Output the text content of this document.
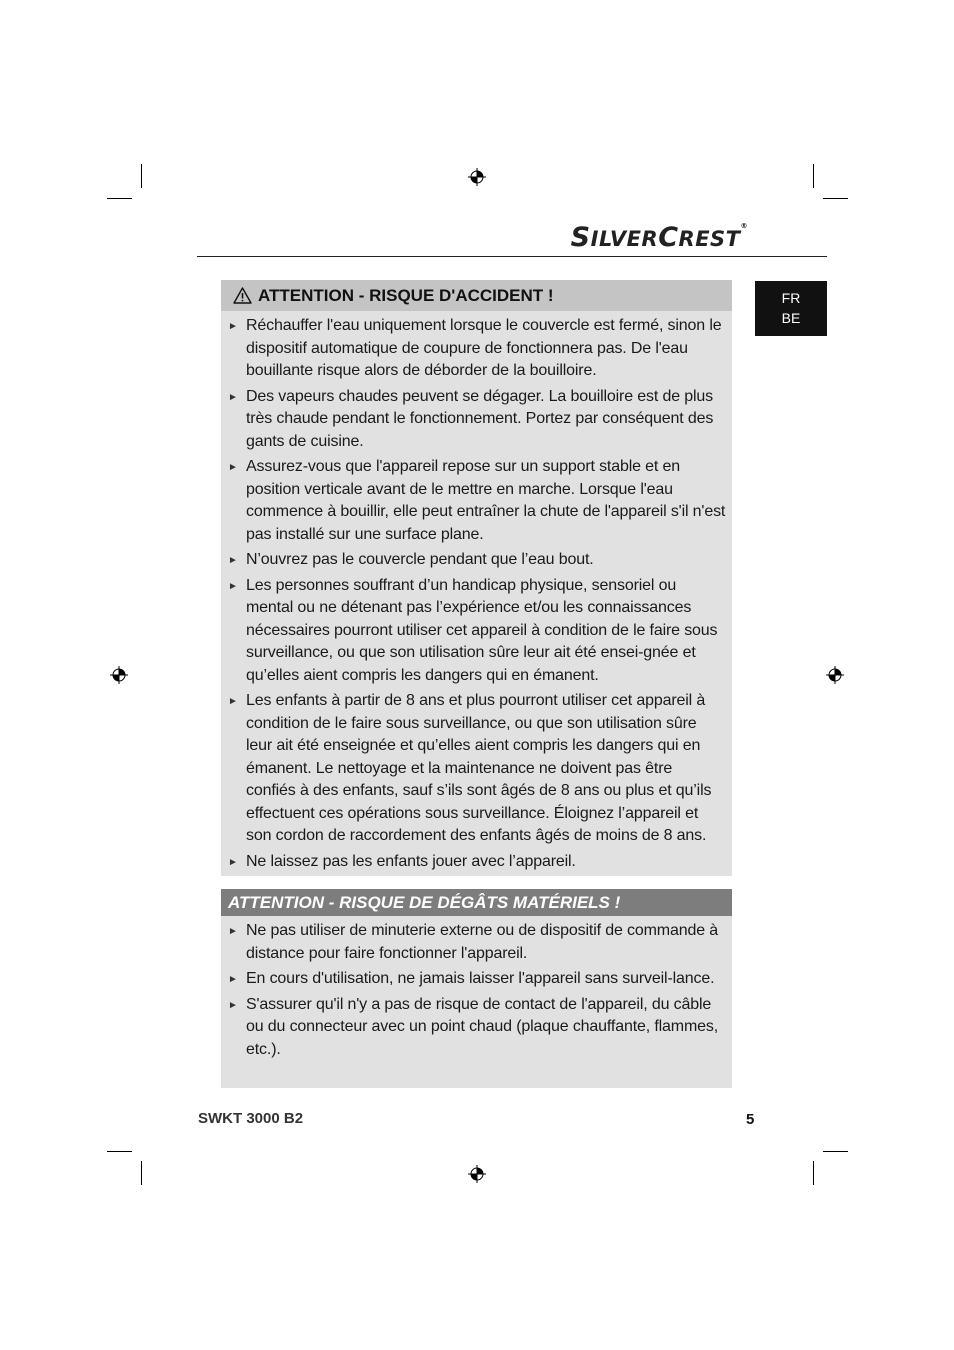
SILVERCREST®
FR
BE
ATTENTION - RISQUE D'ACCIDENT !
► Réchauffer l'eau uniquement lorsque le couvercle est fermé, sinon le dispositif automatique de coupure de fonctionnera pas. De l'eau bouillante risque alors de déborder de la bouilloire.
► Des vapeurs chaudes peuvent se dégager. La bouilloire est de plus très chaude pendant le fonctionnement. Portez par conséquent des gants de cuisine.
► Assurez-vous que l'appareil repose sur un support stable et en position verticale avant de le mettre en marche. Lorsque l'eau commence à bouillir, elle peut entraîner la chute de l'appareil s'il n'est pas installé sur une surface plane.
► N’ouvrez pas le couvercle pendant que l’eau bout.
► Les personnes souffrant d’un handicap physique, sensoriel ou mental ou ne détenant pas l’expérience et/ou les connaissances nécessaires pourront utiliser cet appareil à condition de le faire sous surveillance, ou que son utilisation sûre leur ait été ensei-gnée et qu’elles aient compris les dangers qui en émanent.
► Les enfants à partir de 8 ans et plus pourront utiliser cet appareil à condition de le faire sous surveillance, ou que son utilisation sûre leur ait été enseignée et qu’elles aient compris les dangers qui en émanent. Le nettoyage et la maintenance ne doivent pas être confiés à des enfants, sauf s’ils sont âgés de 8 ans ou plus et qu’ils effectuent ces opérations sous surveillance. Éloignez l’appareil et son cordon de raccordement des enfants âgés de moins de 8 ans.
► Ne laissez pas les enfants jouer avec l’appareil.
ATTENTION - RISQUE DE DÉGÂTS MATÉRIELS !
► Ne pas utiliser de minuterie externe ou de dispositif de commande à distance pour faire fonctionner l'appareil.
► En cours d'utilisation, ne jamais laisser l'appareil sans surveil-lance.
► S'assurer qu'il n'y a pas de risque de contact de l'appareil, du câble ou du connecteur avec un point chaud (plaque chauffante, flammes, etc.).
SWKT 3000 B2	5
